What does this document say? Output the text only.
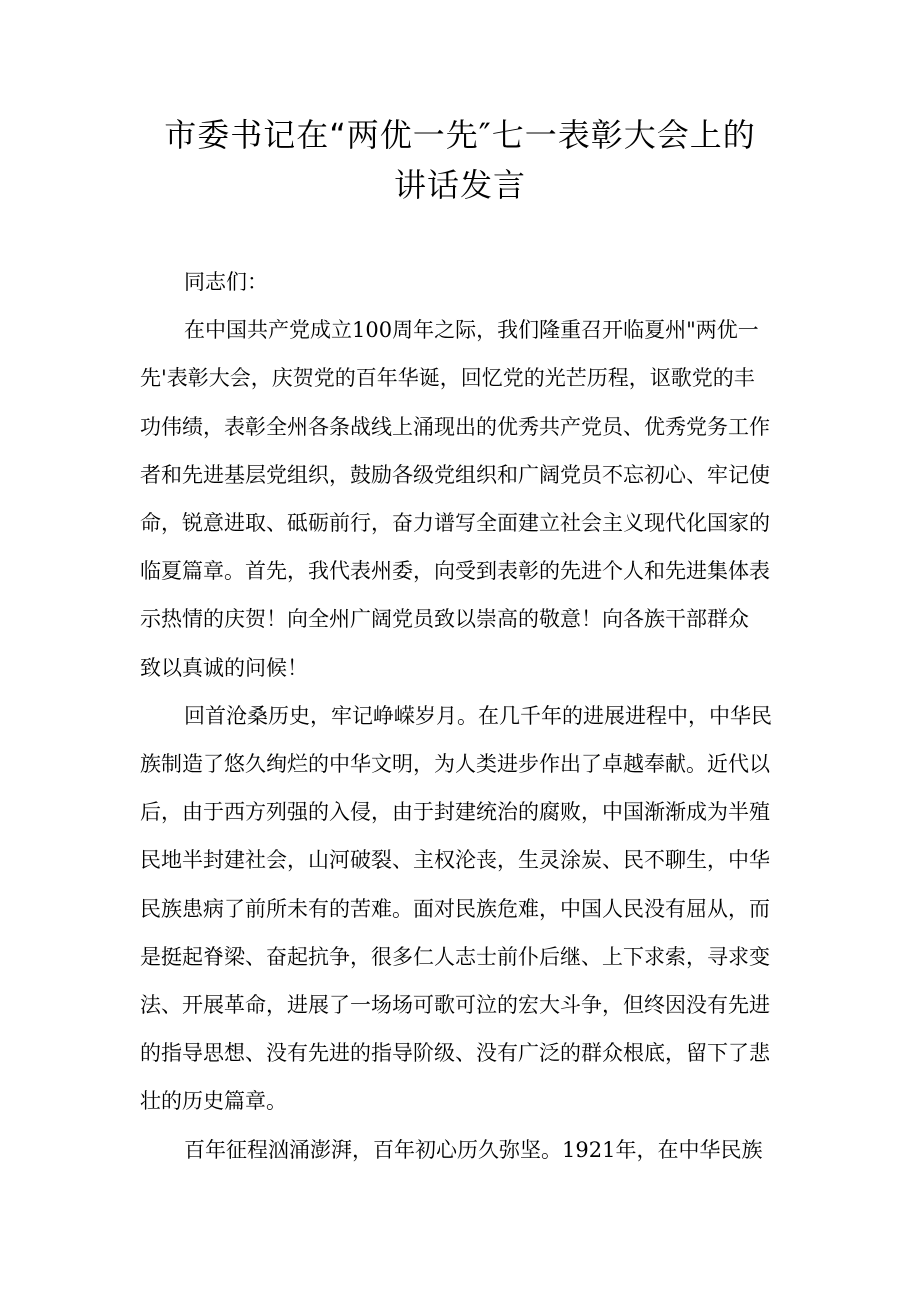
市委书记在“两优一先″七一表彰大会上的
讲话发言

同志们：

在中国共产党成立100周年之际，我们隆重召开临夏州"两优一
先'表彰大会，庆贺党的百年华诞，回忆党的光芒历程，讴歌党的丰
功伟绩，表彰全州各条战线上涌现出的优秀共产党员、优秀党务工作
者和先进基层党组织，鼓励各级党组织和广阔党员不忘初心、牢记使
命，锐意进取、砥砺前行，奋力谱写全面建立社会主义现代化国家的
临夏篇章。首先，我代表州委，向受到表彰的先进个人和先进集体表
示热情的庆贺！向全州广阔党员致以崇高的敬意！向各族干部群众
致以真诚的问候！

回首沧桑历史，牢记峥嵘岁月。在几千年的进展进程中，中华民
族制造了悠久绚烂的中华文明，为人类进步作出了卓越奉献。近代以
后，由于西方列强的入侵，由于封建统治的腐败，中国渐渐成为半殖
民地半封建社会，山河破裂、主权沦丧，生灵涂炭、民不聊生，中华
民族患病了前所未有的苦难。面对民族危难，中国人民没有屈从，而
是挺起脊梁、奋起抗争，很多仁人志士前仆后继、上下求索，寻求变
法、开展革命，进展了一场场可歌可泣的宏大斗争，但终因没有先进
的指导思想、没有先进的指导阶级、没有广泛的群众根底，留下了悲
壮的历史篇章。

百年征程汹涌澎湃，百年初心历久弥坚。1921年，在中华民族
